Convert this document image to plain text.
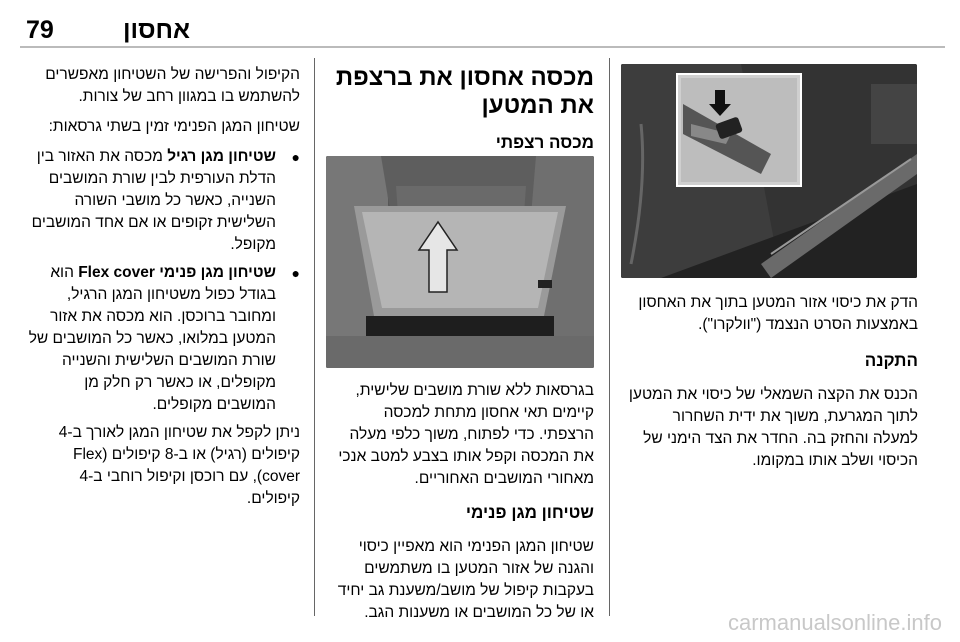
79	אחסון

הדק את כיסוי אזור המטען בתוך את האחסון באמצעות הסרט הנצמד ("וולקרו").

התקנה

הכנס את הקצה השמאלי של כיסוי את המטען לתוך המגרעת, משוך את ידית השחרור למעלה והחזק בה. החדר את הצד הימני של הכיסוי ושלב אותו במקומו.

מכסה אחסון את ברצפת את המטען
מכסה רצפתי

בגרסאות ללא שורת מושבים שלישית, קיימים תאי אחסון מתחת למכסה הרצפתי. כדי לפתוח, משוך כלפי מעלה את המכסה וקפל אותו בצבע למטב אנכי מאחורי המושבים האחוריים.

שטיחון מגן פנימי

שטיחון המגן הפנימי הוא מאפיין כיסוי והגנה של אזור המטען בו משתמשים בעקבות קיפול של מושב/משענת גב יחיד או של כל המושבים או משענות הגב.

הקיפול והפרישה של השטיחון מאפשרים להשתמש בו במגוון רחב של צורות.

שטיחון המגן הפנימי זמין בשתי גרסאות:

● שטיחון מגן רגיל מכסה את האזור בין הדלת העורפית לבין שורת המושבים השנייה, כאשר כל מושבי השורה השלישית זקופים או אם אחד המושבים מקופל.
● שטיחון מגן פנימי Flex cover הוא בגודל כפול משטיחון המגן הרגיל, ומחובר ברוכסן. הוא מכסה את אזור המטען במלואו, כאשר כל המושבים של שורת המושבים השלישית והשנייה מקופלים, או כאשר רק חלק מן המושבים מקופלים.

ניתן לקפל את שטיחון המגן לאורך ב-4 קיפולים (רגיל) או ב-8 קיפולים (Flex cover), עם רוכסן וקיפול רוחבי ב-4 קיפולים.

carmanualsonline.info
